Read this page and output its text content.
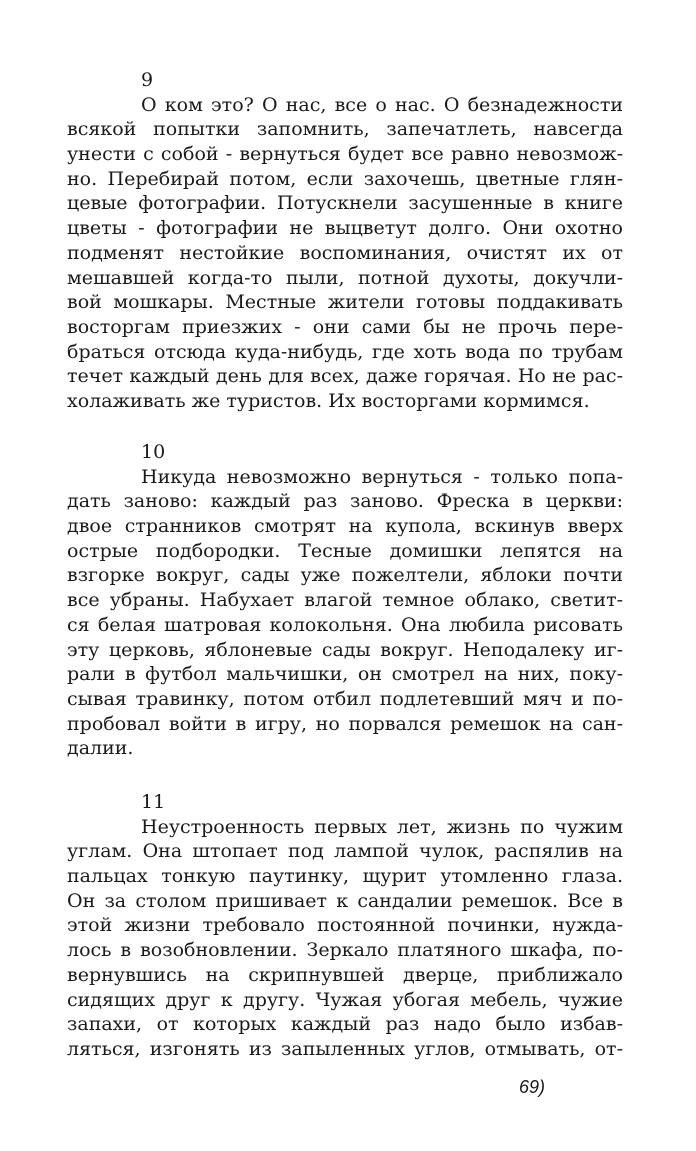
9
О ком это? О нас, все о нас. О безнадежности
всякой попытки запомнить, запечатлеть, навсегда
унести с собой - вернуться будет все равно невозмож-
но. Перебирай потом, если захочешь, цветные глян-
цевые фотографии. Потускнели засушенные в книге
цветы - фотографии не выцветут долго. Они охотно
подменят нестойкие воспоминания, очистят их от
мешавшей когда-то пыли, потной духоты, докучли-
вой мошкары. Местные жители готовы поддакивать
восторгам приезжих - они сами бы не прочь пере-
браться отсюда куда-нибудь, где хоть вода по трубам
течет каждый день для всех, даже горячая. Но не рас-
холаживать же туристов. Их восторгами кормимся.
10
Никуда невозможно вернуться - только попа-
дать заново: каждый раз заново. Фреска в церкви:
двое странников смотрят на купола, вскинув вверх
острые подбородки. Тесные домишки лепятся на
взгорке вокруг, сады уже пожелтели, яблоки почти
все убраны. Набухает влагой темное облако, светит-
ся белая шатровая колокольня. Она любила рисовать
эту церковь, яблоневые сады вокруг. Неподалеку иг-
рали в футбол мальчишки, он смотрел на них, поку-
сывая травинку, потом отбил подлетевший мяч и по-
пробовал войти в игру, но порвался ремешок на сан-
далии.
11
Неустроенность первых лет, жизнь по чужим
углам. Она штопает под лампой чулок, распялив на
пальцах тонкую паутинку, щурит утомленно глаза.
Он за столом пришивает к сандалии ремешок. Все в
этой жизни требовало постоянной починки, нужда-
лось в возобновлении. Зеркало платяного шкафа, по-
вернувшись на скрипнувшей дверце, приближало
сидящих друг к другу. Чужая убогая мебель, чужие
запахи, от которых каждый раз надо было избав-
ляться, изгонять из запыленных углов, отмывать, от-
69)
